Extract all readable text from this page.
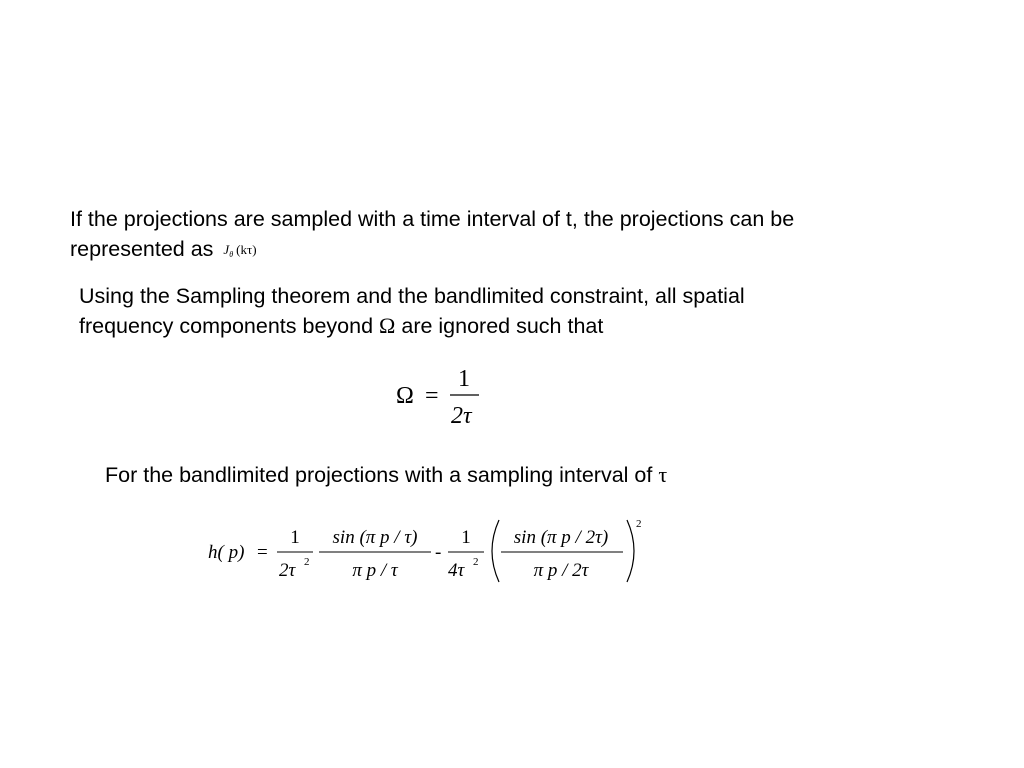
If the projections are sampled with a time interval of t, the projections can be
represented as $J_\theta$ (kτ)
Using the Sampling theorem and the bandlimited constraint, all spatial
frequency components beyond Ω are ignored such that
Ω =
1
2τ
For the bandlimited projections with a sampling interval of τ
h( p) =
1
2τ 2
sin (π p / τ)
π p / τ
-
1
4τ 2
sin (π p / 2τ)
π p / 2τ
2
